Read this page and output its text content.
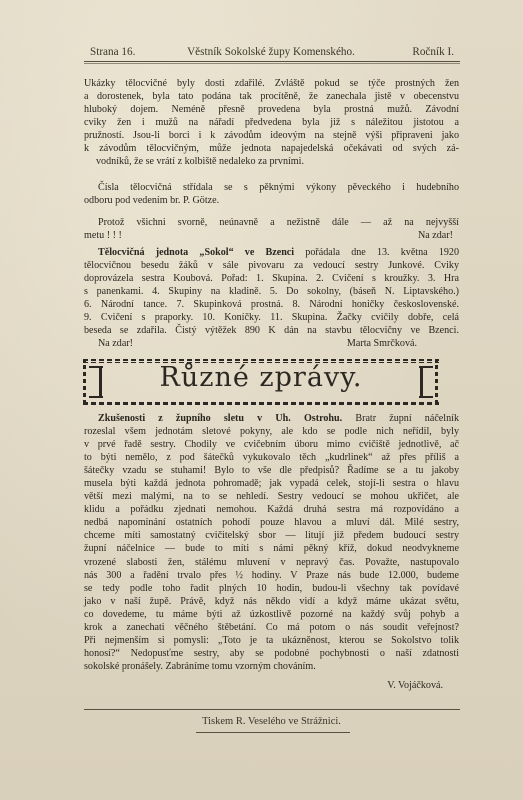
Strana 16.	Věstník Sokolské župy Komenského.	Ročník I.
Ukázky tělocvičné byly dosti zdařilé. Zvláště pokud se týče prostných žen
a dorostenek, byla tato podána tak procítěně, že zanechala jistě v obecenstvu
hluboký dojem. Neméně přesně provedena byla prostná mužů. Závodní
cviky žen i mužů na nářadí předvedena byla již s náležitou jistotou a
pružností. Jsou-li borci i k závodům ideovým na stejně výši připraveni jako
k závodům tělocvičným, může jednota napajedelská očekávati od svých zá-
vodníků, že se vrátí z kolbiště nedaleko za prvními.
Čísla tělocvičná střídala se s pěknými výkony pěveckého i hudebního
odboru pod vedením br. P. Götze.
Protož všichni svorně, neúnavně a nežistně dále — až na nejvyšší
metu ! ! !	Na zdar!
Tělocvičná jednota „Sokol“ ve Bzenci pořádala dne 13. května 1920
tělocvičnou besedu žáků v sále pivovaru za vedoucí sestry Junkové. Cviky
doprovázela sestra Koubová. Pořad: 1. Skupina. 2. Cvičení s kroužky. 3. Hra
s panenkami. 4. Skupiny na kladině. 5. Do sokolny, (báseň N. Liptavského.)
6. Národní tance. 7. Skupinková prostná. 8. Národní honičky československé.
9. Cvičení s praporky. 10. Koníčky. 11. Skupina. Žačky cvičily dobře, celá
beseda se zdařila. Čistý výtěžek 890 K dán na stavbu tělocvičny ve Bzenci.
Na zdar!	Marta Smrčková.
Různé zprávy.
Zkušenosti z župního sletu v Uh. Ostrohu. Bratr župní náčelník
rozeslal všem jednotám sletové pokyny, ale kdo se podle nich neřídil, byly
v prvé řadě sestry. Chodily ve cvičebním úboru mimo cvičiště jednotlivě, ač
to býti nemělo, z pod šátečků vykukovalo těch „kudrlinek“ až přes příliš a
šátečky vzadu se stuhami! Bylo to vše dle předpisů? Řadíme se a tu jakoby
musela býti každá jednota pohromadě; jak vypadá celek, stojí-li sestra o hlavu
větší mezi malými, na to se nehledí. Sestry vedoucí se mohou ukřičet, ale
klidu a pořádku zjednati nemohou. Každá druhá sestra má rozpovídáno a
nedbá napomínání ostatních pohodí pouze hlavou a mluví dál. Milé sestry,
chceme míti samostatný cvičitelský sbor — litují již předem budoucí sestry
župní náčelnice — bude to míti s námi pěkný kříž, dokud neodvykneme
vrozené slabosti žen, stálému mluvení v nepravý čas. Považte, nastupovalo
nás 300 a řadění trvalo přes ½ hodiny. V Praze nás bude 12.000, budeme
se tedy podle toho řadit plných 10 hodin, budou-li všechny tak povídavé
jako v naší župě. Právě, když nás někdo vidí a když máme ukázat světu,
co dovedeme, tu máme býti až úzkostlivě pozorné na každý svůj pohyb a
krok a zanechati věčného štěbetání. Co má potom o nás soudit veřejnost?
Při nejmenším si pomysli: „Toto je ta ukázněnost, kterou se Sokolstvo tolik
honosí?“ Nedopusťme sestry, aby se podobné pochybnosti o naší zdatnosti
sokolské pronášely. Zabráníme tomu vzorným chováním.
V. Vojáčková.
Tiskem R. Veselého ve Strážnici.
